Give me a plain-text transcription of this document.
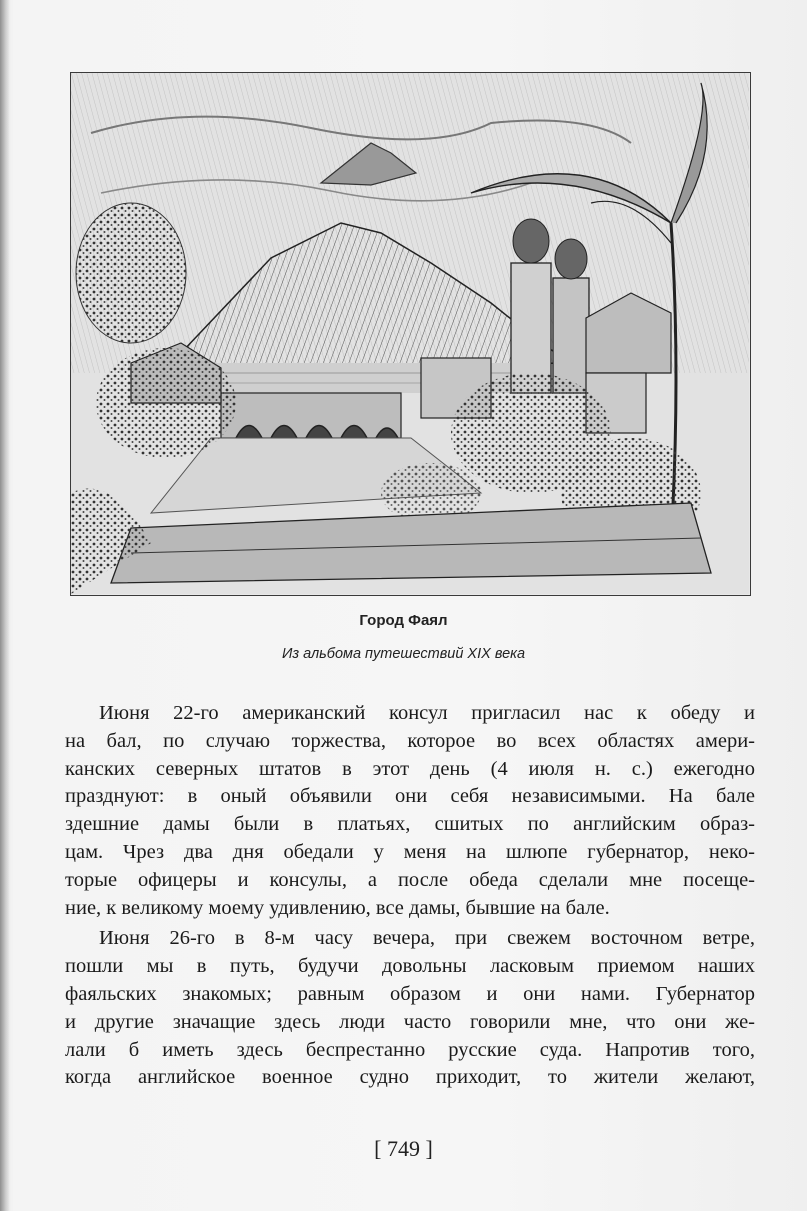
Город Фаял
Из альбома путешествий XIX века

Июня 22-го американский консул пригласил нас к обеду и
на бал, по случаю торжества, которое во всех областях амери-
канских северных штатов в этот день (4 июля н. с.) ежегодно
празднуют: в оный объявили они себя независимыми. На бале
здешние дамы были в платьях, сшитых по английским образ-
цам. Чрез два дня обедали у меня на шлюпе губернатор, неко-
торые офицеры и консулы, а после обеда сделали мне посеще-
ние, к великому моему удивлению, все дамы, бывшие на бале.

Июня 26-го в 8-м часу вечера, при свежем восточном ветре,
пошли мы в путь, будучи довольны ласковым приемом наших
фаяльских знакомых; равным образом и они нами. Губернатор
и другие значащие здесь люди часто говорили мне, что они же-
лали б иметь здесь беспрестанно русские суда. Напротив того,
когда английское военное судно приходит, то жители желают,

[ 749 ]
